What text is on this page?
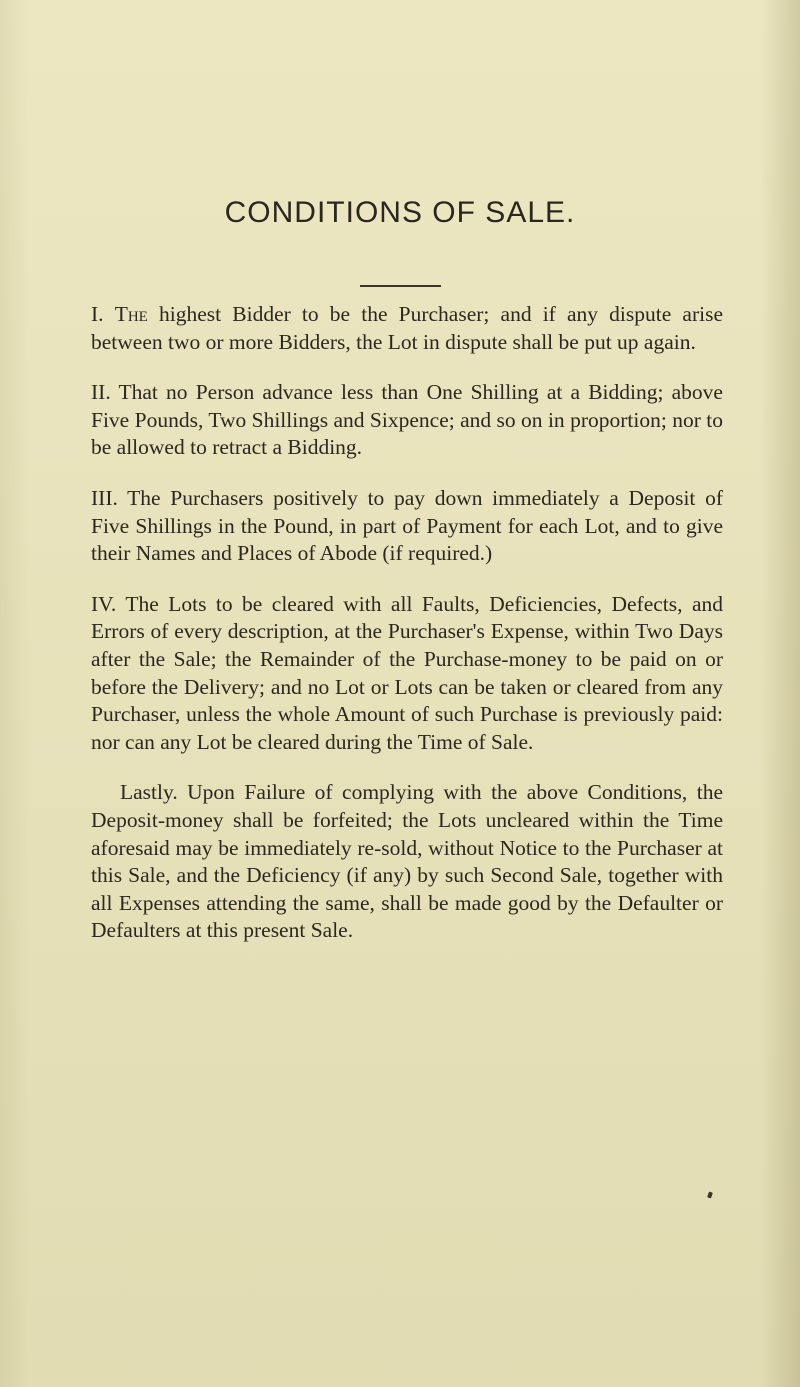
CONDITIONS OF SALE.

I. The highest Bidder to be the Purchaser; and if any dispute arise between two or more Bidders, the Lot in dispute shall be put up again.

II. That no Person advance less than One Shilling at a Bidding; above Five Pounds, Two Shillings and Sixpence; and so on in proportion; nor to be allowed to retract a Bidding.

III. The Purchasers positively to pay down immediately a Deposit of Five Shillings in the Pound, in part of Payment for each Lot, and to give their Names and Places of Abode (if required.)

IV. The Lots to be cleared with all Faults, Deficiencies, Defects, and Errors of every description, at the Purchaser's Expense, within Two Days after the Sale; the Remainder of the Purchase-money to be paid on or before the Delivery; and no Lot or Lots can be taken or cleared from any Purchaser, unless the whole Amount of such Purchase is previously paid: nor can any Lot be cleared during the Time of Sale.

Lastly. Upon Failure of complying with the above Conditions, the Deposit-money shall be forfeited; the Lots uncleared within the Time aforesaid may be immediately re-sold, without Notice to the Purchaser at this Sale, and the Deficiency (if any) by such Second Sale, together with all Expenses attending the same, shall be made good by the Defaulter or Defaulters at this present Sale.
